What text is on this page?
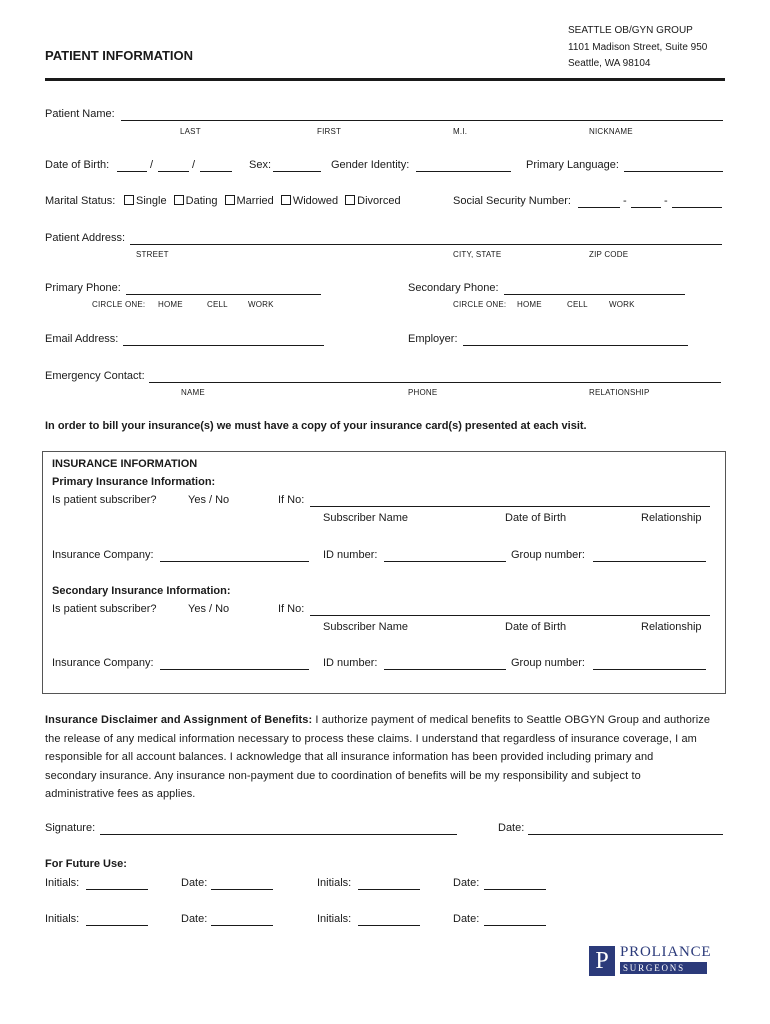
PATIENT INFORMATION
SEATTLE OB/GYN GROUP
1101 Madison Street, Suite 950
Seattle, WA 98104
Patient Name:
LAST	FIRST	M.I.	NICKNAME
Date of Birth:	/	/	Sex:	Gender Identity:	Primary Language:
Marital Status:	Single Dating Married Widowed Divorced	Social Security Number:	-	-
Patient Address:
STREET	CITY, STATE	ZIP CODE
Primary Phone:
CIRCLE ONE: HOME	CELL	WORK
Secondary Phone:
CIRCLE ONE: HOME	CELL	WORK
Email Address:	Employer:
Emergency Contact:
NAME	PHONE	RELATIONSHIP
In order to bill your insurance(s) we must have a copy of your insurance card(s) presented at each visit.
INSURANCE INFORMATION
Primary Insurance Information:
Is patient subscriber?	Yes / No	If No:
Subscriber Name	Date of Birth	Relationship
Insurance Company:	ID number:	Group number:
Secondary Insurance Information:
Is patient subscriber?	Yes / No	If No:
Subscriber Name	Date of Birth	Relationship
Insurance Company:	ID number:	Group number:
Insurance Disclaimer and Assignment of Benefits: I authorize payment of medical benefits to Seattle OBGYN Group and authorize
the release of any medical information necessary to process these claims. I understand that regardless of insurance coverage, I am
responsible for all account balances. I acknowledge that all insurance information has been provided including primary and
secondary insurance. Any insurance non-payment due to coordination of benefits will be my responsibility and subject to
administrative fees as applies.
Signature:	Date:
For Future Use:
Initials:	Date:	Initials:	Date:
Initials:	Date:	Initials:	Date:
P PROLIANCE
SURGEONS
